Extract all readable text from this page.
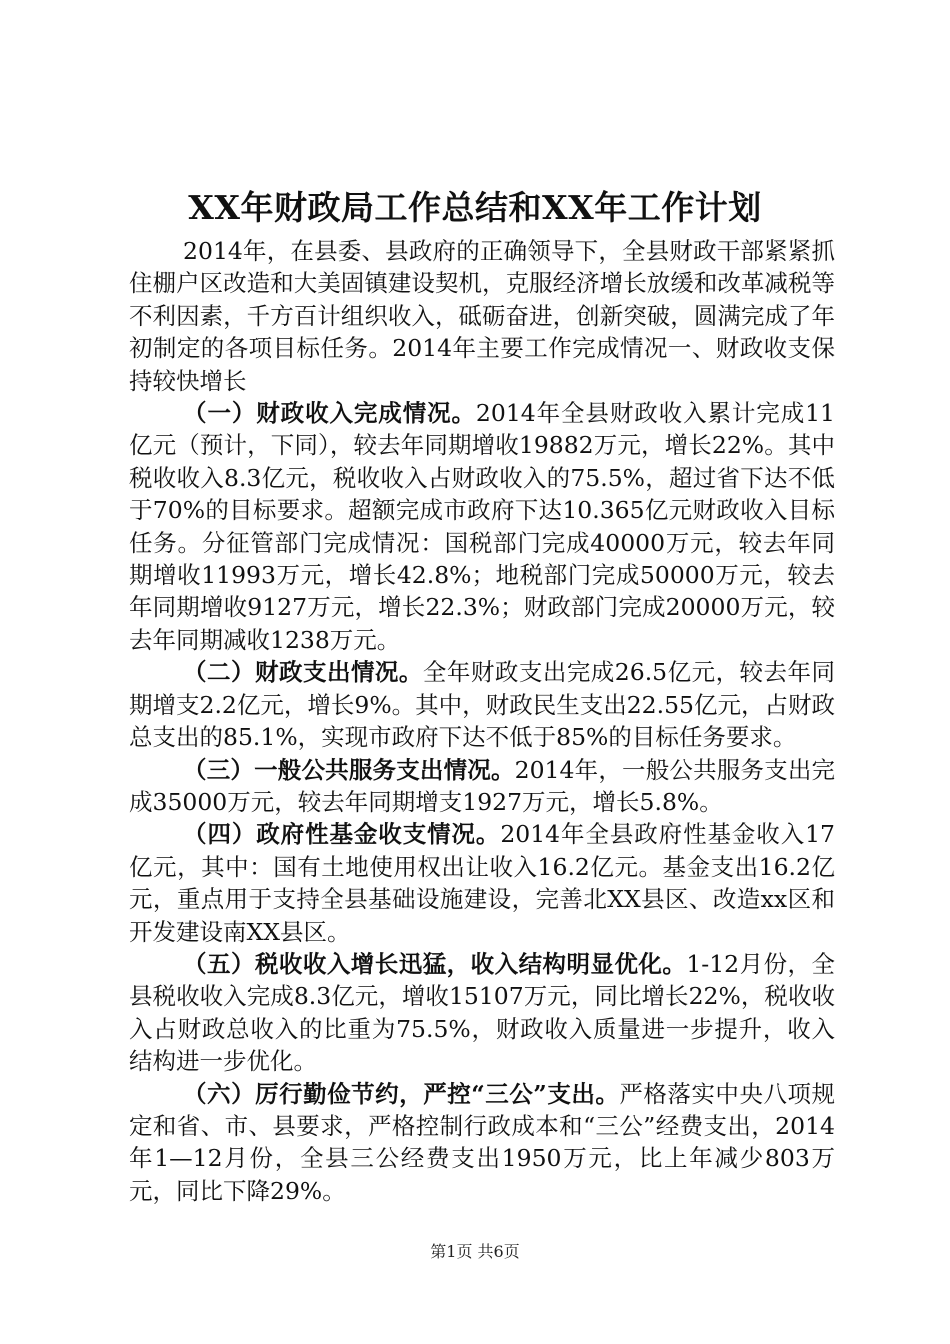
XX年财政局工作总结和XX年工作计划

2014年，在县委、县政府的正确领导下，全县财政干部紧紧抓住棚户区改造和大美固镇建设契机，克服经济增长放缓和改革减税等不利因素，千方百计组织收入，砥砺奋进，创新突破，圆满完成了年初制定的各项目标任务。2014年主要工作完成情况一、财政收支保持较快增长

（一）财政收入完成情况。2014年全县财政收入累计完成11亿元（预计，下同），较去年同期增收19882万元，增长22%。其中税收收入8.3亿元，税收收入占财政收入的75.5%，超过省下达不低于70%的目标要求。超额完成市政府下达10.365亿元财政收入目标任务。分征管部门完成情况：国税部门完成40000万元，较去年同期增收11993万元，增长42.8%；地税部门完成50000万元，较去年同期增收9127万元，增长22.3%；财政部门完成20000万元，较去年同期减收1238万元。

（二）财政支出情况。全年财政支出完成26.5亿元，较去年同期增支2.2亿元，增长9%。其中，财政民生支出22.55亿元，占财政总支出的85.1%，实现市政府下达不低于85%的目标任务要求。

（三）一般公共服务支出情况。2014年，一般公共服务支出完成35000万元，较去年同期增支1927万元，增长5.8%。

（四）政府性基金收支情况。2014年全县政府性基金收入17亿元，其中：国有土地使用权出让收入16.2亿元。基金支出16.2亿元，重点用于支持全县基础设施建设，完善北XX县区、改造xx区和开发建设南XX县区。

（五）税收收入增长迅猛，收入结构明显优化。1-12月份，全县税收收入完成8.3亿元，增收15107万元，同比增长22%，税收收入占财政总收入的比重为75.5%，财政收入质量进一步提升，收入结构进一步优化。

（六）厉行勤俭节约，严控“三公”支出。严格落实中央八项规定和省、市、县要求，严格控制行政成本和“三公”经费支出，2014年1—12月份，全县三公经费支出1950万元，比上年减少803万元，同比下降29%。

第1页 共6页
